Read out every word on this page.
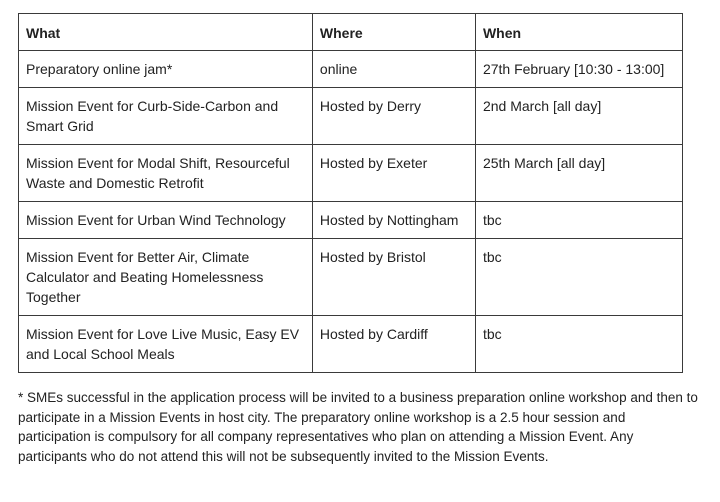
What	Where	When
Preparatory online jam*	online	27th February [10:30 - 13:00]
Mission Event for Curb-Side-Carbon and Smart Grid	Hosted by Derry	2nd March [all day]
Mission Event for Modal Shift, Resourceful Waste and Domestic Retrofit	Hosted by Exeter	25th March [all day]
Mission Event for Urban Wind Technology	Hosted by Nottingham	tbc
Mission Event for Better Air, Climate Calculator and Beating Homelessness Together	Hosted by Bristol	tbc
Mission Event for Love Live Music, Easy EV and Local School Meals	Hosted by Cardiff	tbc

* SMEs successful in the application process will be invited to a business preparation online workshop and then to participate in a Mission Events in host city. The preparatory online workshop is a 2.5 hour session and participation is compulsory for all company representatives who plan on attending a Mission Event. Any participants who do not attend this will not be subsequently invited to the Mission Events.
